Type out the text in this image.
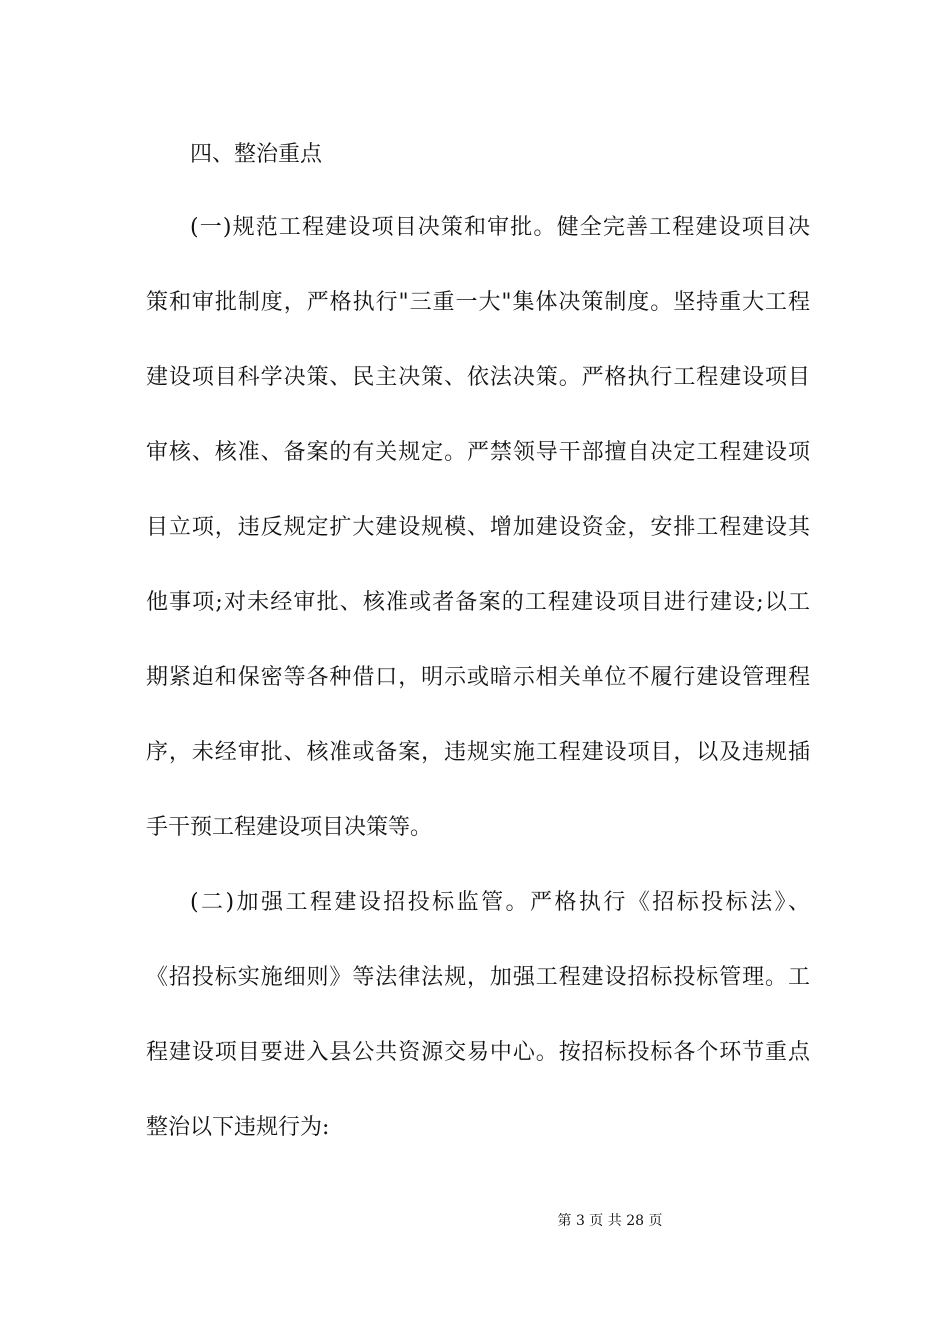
四、整治重点
(一)规范工程建设项目决策和审批。健全完善工程建设项目决
策和审批制度，严格执行"三重一大"集体决策制度。坚持重大工程
建设项目科学决策、民主决策、依法决策。严格执行工程建设项目
审核、核准、备案的有关规定。严禁领导干部擅自决定工程建设项
目立项，违反规定扩大建设规模、增加建设资金，安排工程建设其
他事项;对未经审批、核准或者备案的工程建设项目进行建设;以工
期紧迫和保密等各种借口，明示或暗示相关单位不履行建设管理程
序，未经审批、核准或备案，违规实施工程建设项目，以及违规插
手干预工程建设项目决策等。
(二)加强工程建设招投标监管。严格执行《招标投标法》、
《招投标实施细则》等法律法规，加强工程建设招标投标管理。工
程建设项目要进入县公共资源交易中心。按招标投标各个环节重点
整治以下违规行为:
第 3 页 共 28 页
